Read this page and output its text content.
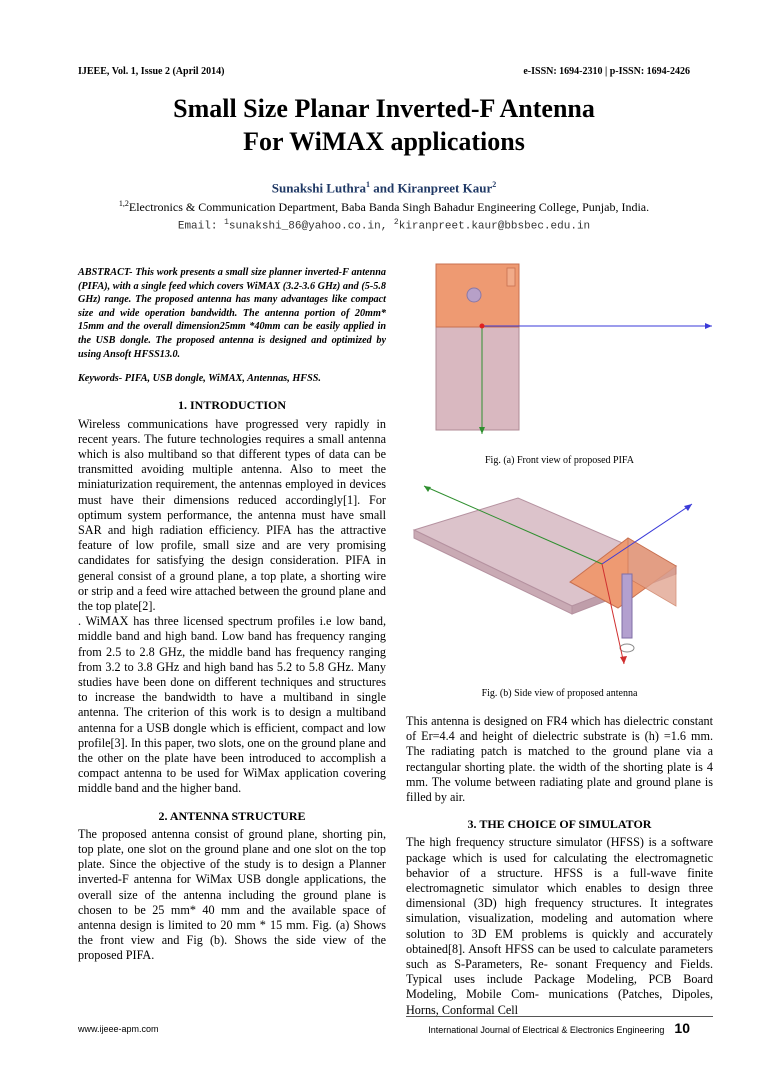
IJEEE, Vol. 1, Issue 2 (April 2014)	e-ISSN: 1694-2310 | p-ISSN: 1694-2426
Small Size Planar Inverted-F Antenna
For WiMAX applications
Sunakshi Luthra$^1$ and Kiranpreet Kaur$^2$
$^{1,2}$Electronics & Communication Department, Baba Banda Singh Bahadur Engineering College, Punjab, India.
Email: $^1$sunakshi_86@yahoo.co.in, $^2$kiranpreet.kaur@bbsbec.edu.in

ABSTRACT- This work presents a small size planner inverted-F antenna (PIFA), with a single feed which covers WiMAX (3.2-3.6 GHz) and (5-5.8 GHz) range. The proposed antenna has many advantages like compact size and wide operation bandwidth. The antenna portion of 20mm* 15mm and the overall dimension25mm *40mm can be easily applied in the USB dongle. The proposed antenna is designed and optimized by using Ansoft HFSS13.0.

Keywords- PIFA, USB dongle, WiMAX, Antennas, HFSS.

1. INTRODUCTION

Wireless communications have progressed very rapidly in recent years. The future technologies requires a small antenna which is also multiband so that different types of data can be transmitted avoiding multiple antenna. Also to meet the miniaturization requirement, the antennas employed in devices must have their dimensions reduced accordingly[1]. For optimum system performance, the antenna must have small SAR and high radiation efficiency. PIFA has the attractive feature of low profile, small size and are very promising candidates for satisfying the design consideration. PIFA in general consist of a ground plane, a top plate, a shorting wire or strip and a feed wire attached between the ground plane and the top plate[2].

. WiMAX has three licensed spectrum profiles i.e low band, middle band and high band. Low band has frequency ranging from 2.5 to 2.8 GHz, the middle band has frequency ranging from 3.2 to 3.8 GHz and high band has 5.2 to 5.8 GHz. Many studies have been done on different techniques and structures to increase the bandwidth to have a multiband in single antenna. The criterion of this work is to design a multiband antenna for a USB dongle which is efficient, compact and low profile[3]. In this paper, two slots, one on the ground plane and the other on the plate have been introduced to accomplish a compact antenna to be used for WiMax application covering middle band and the higher band.

2. ANTENNA STRUCTURE

The proposed antenna consist of ground plane, shorting pin, top plate, one slot on the ground plane and one slot on the top plate. Since the objective of the study is to design a Planner inverted-F antenna for WiMax USB dongle applications, the overall size of the antenna including the ground plane is chosen to be 25 mm* 40 mm and the available space of antenna design is limited to 20 mm * 15 mm. Fig. (a) Shows the front view and Fig (b). Shows the side view of the proposed PIFA.

Fig. (a) Front view of proposed PIFA
Fig. (b) Side view of proposed antenna

This antenna is designed on FR4 which has dielectric constant of Er=4.4 and height of dielectric substrate is (h) =1.6 mm. The radiating patch is matched to the ground plane via a rectangular shorting plate. the width of the shorting plate is 4 mm. The volume between radiating plate and ground plane is filled by air.

3. THE CHOICE OF SIMULATOR

The high frequency structure simulator (HFSS) is a software package which is used for calculating the electromagnetic behavior of a structure. HFSS is a full-wave finite electromagnetic simulator which enables to design three dimensional (3D) high frequency structures. It integrates simulation, visualization, modeling and automation where solution to 3D EM problems is quickly and accurately obtained[8]. Ansoft HFSS can be used to calculate parameters such as S-Parameters, Re- sonant Frequency and Fields. Typical uses include Package Modeling, PCB Board Modeling, Mobile Com- munications (Patches, Dipoles, Horns, Conformal Cell

www.ijeee-apm.com	International Journal of Electrical & Electronics Engineering 10
